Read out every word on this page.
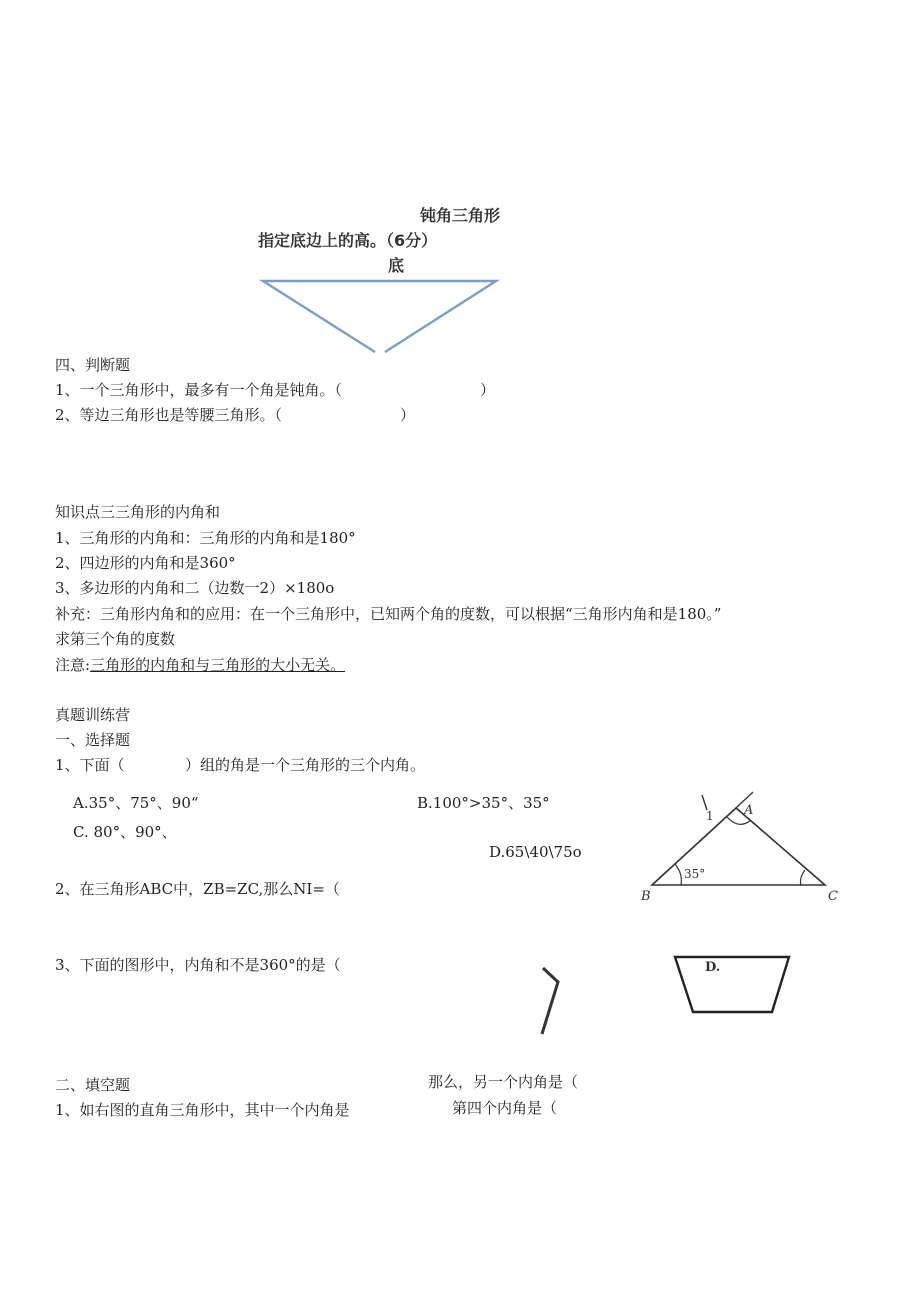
钝角三角形
指定底边上的高。（6分）
底
四、判断题
1、一个三角形中，最多有一个角是钝角。（	）
2、等边三角形也是等腰三角形。（	）
知识点三三角形的内角和
1、三角形的内角和：三角形的内角和是180°
2、四边形的内角和是360°
3、多边形的内角和二（边数一2）×180o
补充：三角形内角和的应用：在一个三角形中，已知两个角的度数，可以根据“三角形内角和是180。”
求第三个角的度数
注意:三角形的内角和与三角形的大小无关。
真题训练营
一、选择题
1、下面（	）组的角是一个三角形的三个内角。
A.35°、75°、90“	B.100°>35°、35°
C. 80°、90°、
D.65\40\75o
2、在三角形ABC中，ZB=ZC,那么NI=（
3、下面的图形中，内角和不是360°的是（
A
B	C
1
35°
D.
二、填空题
1、如右图的直角三角形中，其中一个内角是
那么，另一个内角是（
第四个内角是（
